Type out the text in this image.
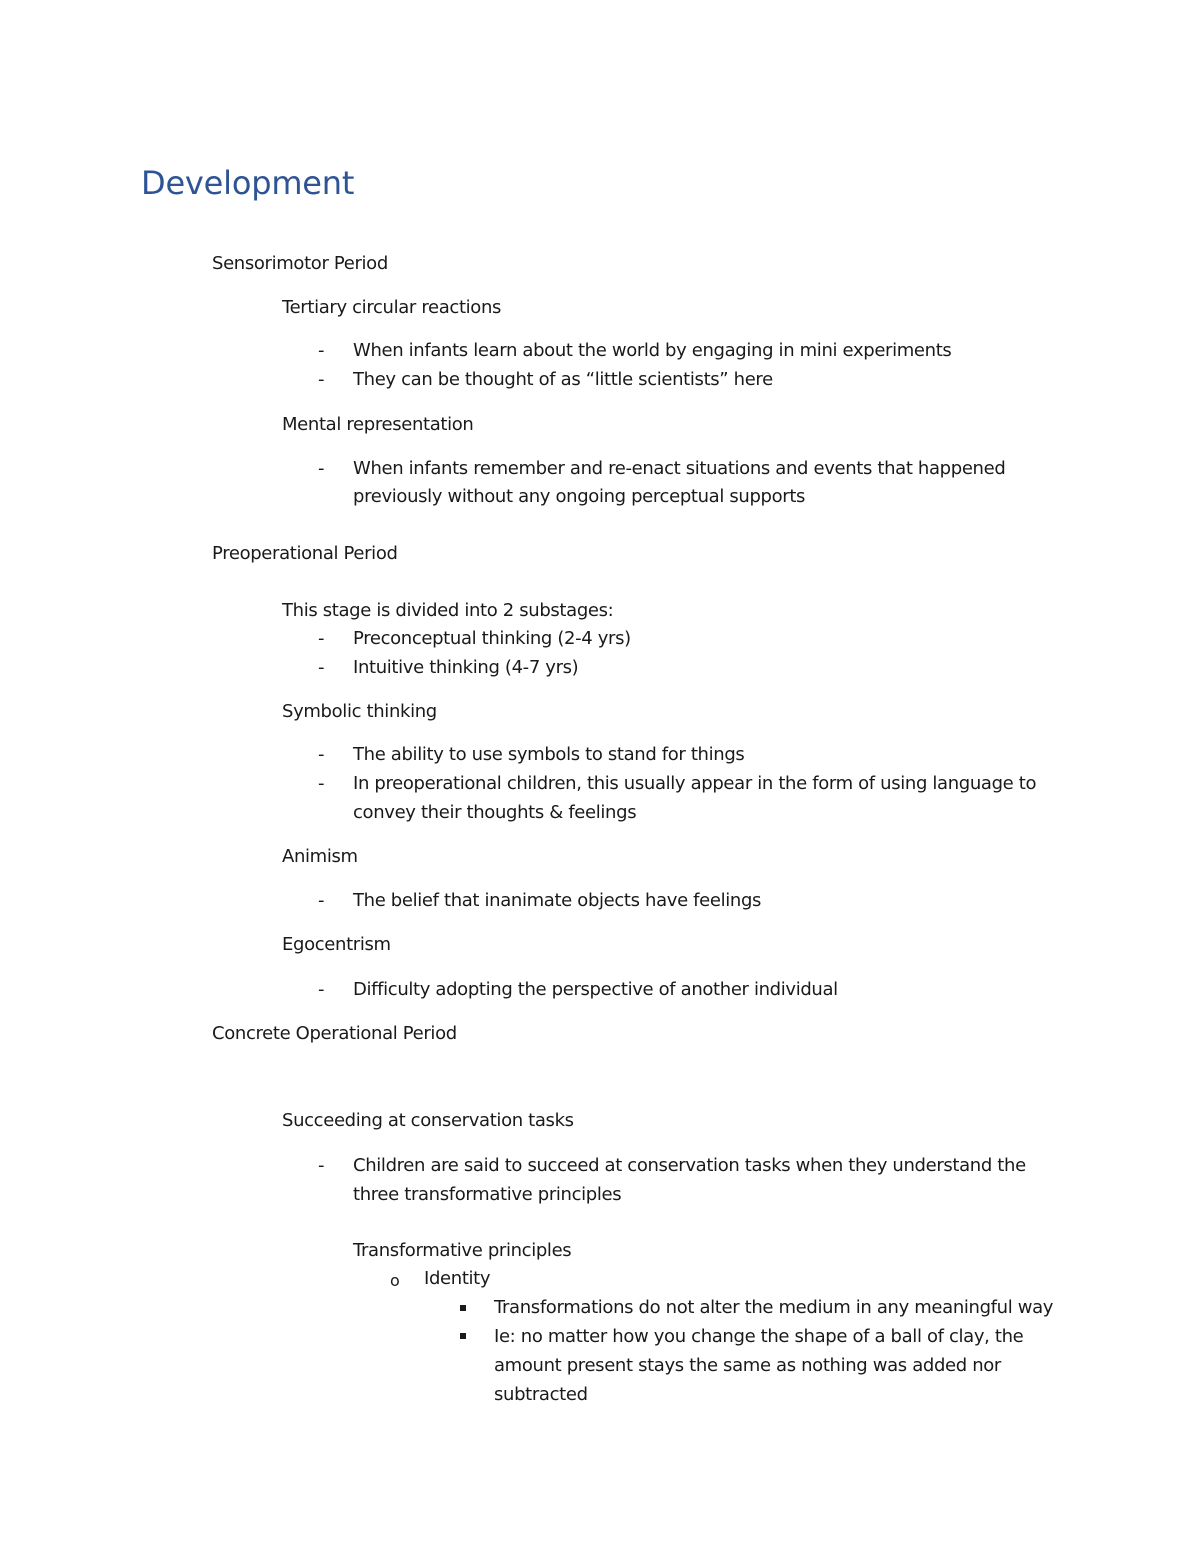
Development
Sensorimotor Period
Tertiary circular reactions
- When infants learn about the world by engaging in mini experiments
- They can be thought of as “little scientists” here
Mental representation
- When infants remember and re-enact situations and events that happened
previously without any ongoing perceptual supports
Preoperational Period
This stage is divided into 2 substages:
- Preconceptual thinking (2-4 yrs)
- Intuitive thinking (4-7 yrs)
Symbolic thinking
- The ability to use symbols to stand for things
- In preoperational children, this usually appear in the form of using language to
convey their thoughts & feelings
Animism
- The belief that inanimate objects have feelings
Egocentrism
- Difficulty adopting the perspective of another individual
Concrete Operational Period
Succeeding at conservation tasks
- Children are said to succeed at conservation tasks when they understand the
three transformative principles
Transformative principles
o Identity
Transformations do not alter the medium in any meaningful way
Ie: no matter how you change the shape of a ball of clay, the
amount present stays the same as nothing was added nor
subtracted
